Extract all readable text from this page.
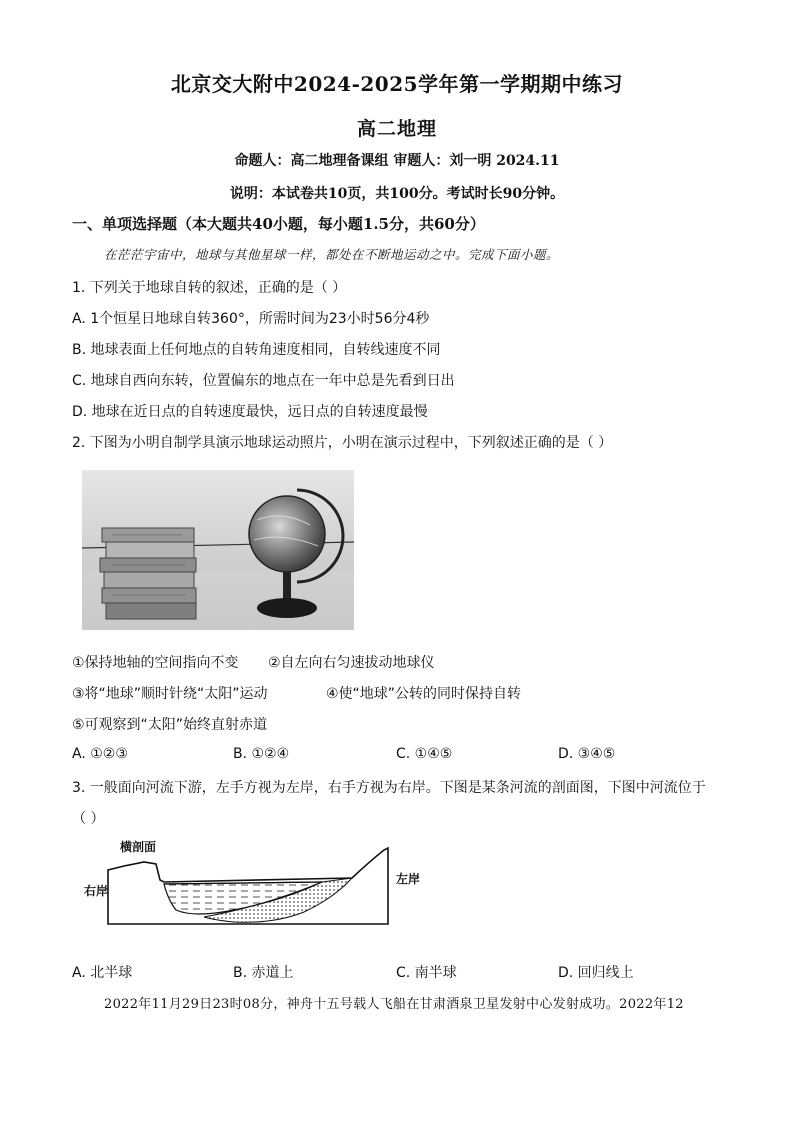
北京交大附中2024-2025学年第一学期期中练习
高二地理
命题人：高二地理备课组 审题人：刘一明 2024.11
说明：本试卷共10页，共100分。考试时长90分钟。
一、单项选择题（本大题共40小题，每小题1.5分，共60分）
在茫茫宇宙中，地球与其他星球一样，都处在不断地运动之中。完成下面小题。
1. 下列关于地球自转的叙述，正确的是（ ）
A. 1个恒星日地球自转360°，所需时间为23小时56分4秒
B. 地球表面上任何地点的自转角速度相同，自转线速度不同
C. 地球自西向东转，位置偏东的地点在一年中总是先看到日出
D. 地球在近日点的自转速度最快，远日点的自转速度最慢
2. 下图为小明自制学具演示地球运动照片，小明在演示过程中，下列叙述正确的是（ ）
①保持地轴的空间指向不变 ②自左向右匀速拔动地球仪
③将“地球”顺时针绕“太阳”运动	④使“地球”公转的同时保持自转
⑤可观察到“太阳”始终直射赤道
A. ①②③	B. ①②④	C. ①④⑤	D. ③④⑤
3. 一般面向河流下游，左手方视为左岸，右手方视为右岸。下图是某条河流的剖面图，下图中河流位于
（ ）
横剖面
右岸
左岸
A. 北半球	B. 赤道上	C. 南半球	D. 回归线上
2022年11月29日23时08分，神舟十五号载人飞船在甘肃酒泉卫星发射中心发射成功。2022年12
